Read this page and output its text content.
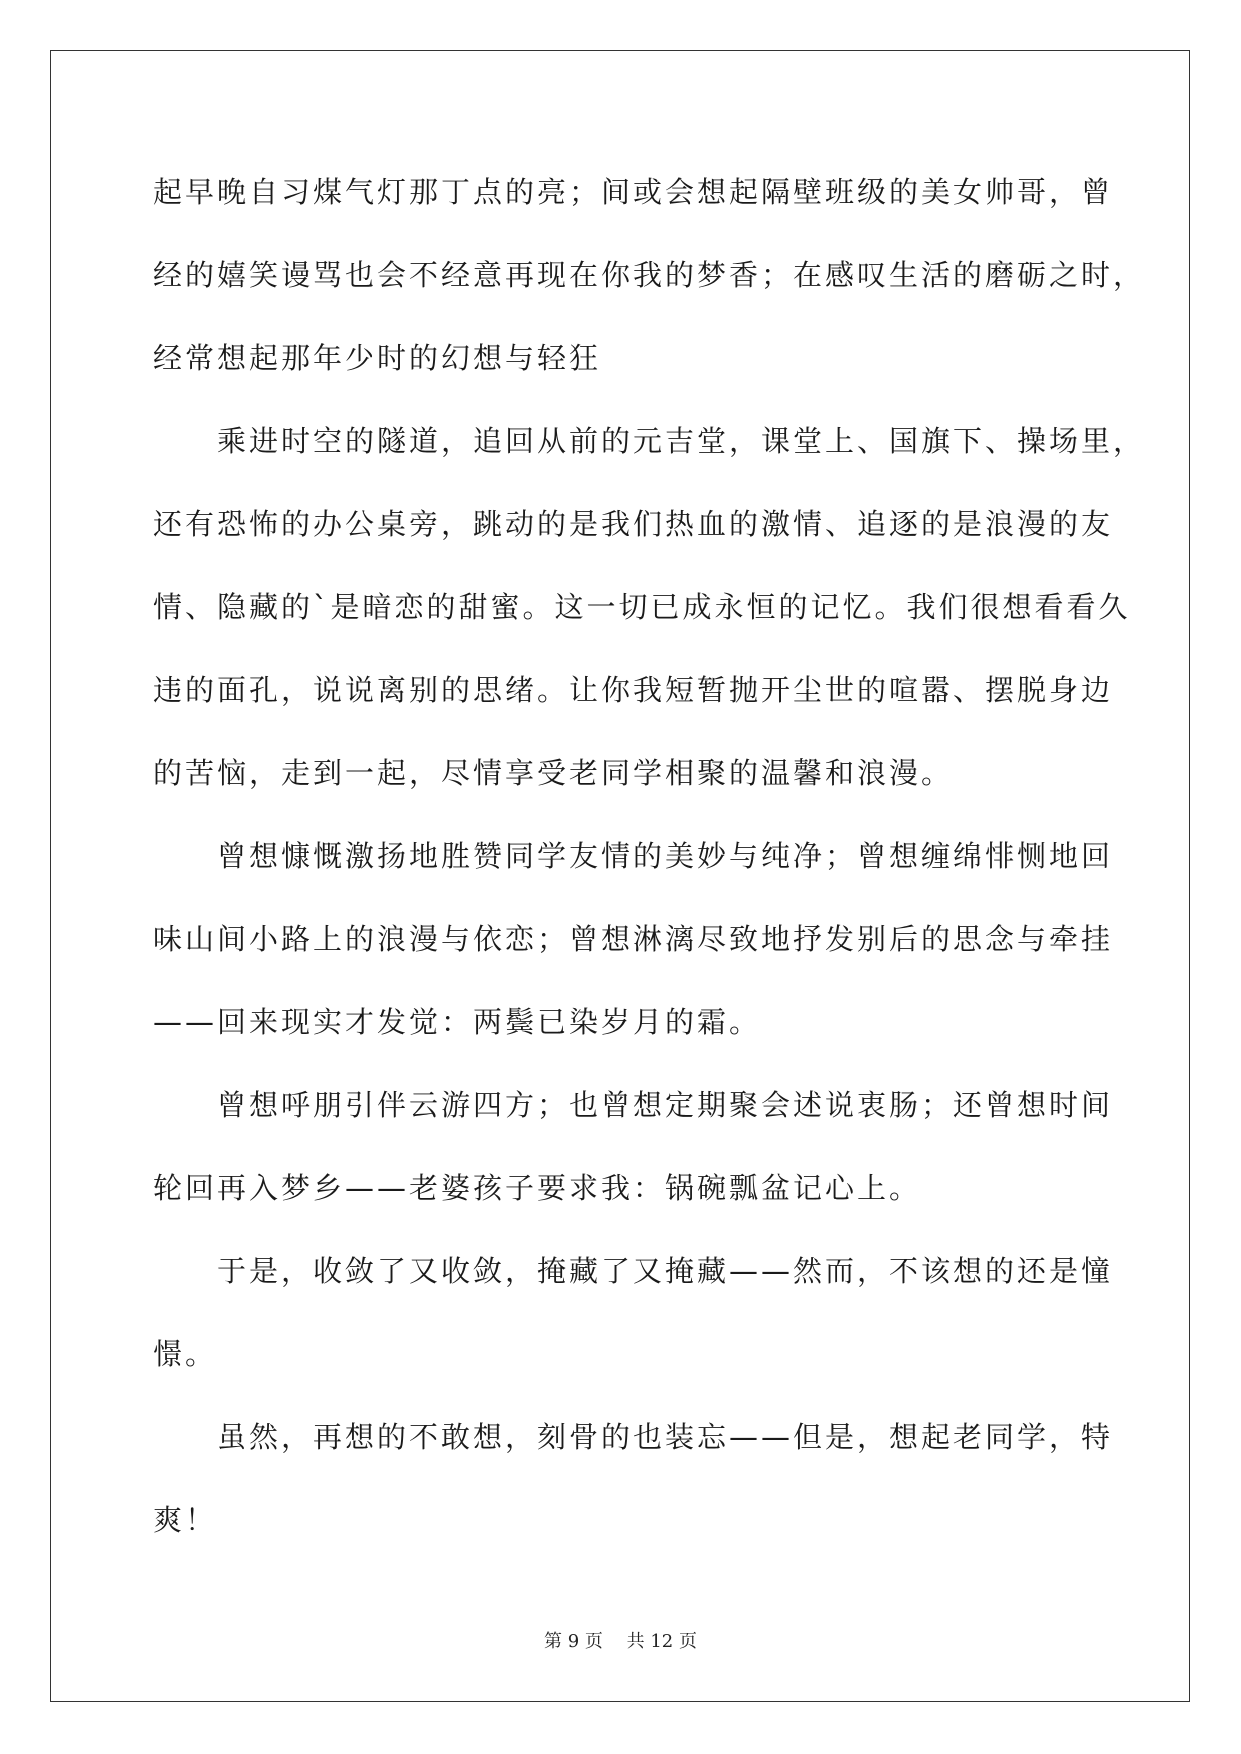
起早晚自习煤气灯那丁点的亮；间或会想起隔壁班级的美女帅哥，曾
经的嬉笑谩骂也会不经意再现在你我的梦香；在感叹生活的磨砺之时，
经常想起那年少时的幻想与轻狂
　　乘进时空的隧道，追回从前的元吉堂，课堂上、国旗下、操场里，
还有恐怖的办公桌旁，跳动的是我们热血的激情、追逐的是浪漫的友
情、隐藏的`是暗恋的甜蜜。这一切已成永恒的记忆。我们很想看看久
违的面孔，说说离别的思绪。让你我短暂抛开尘世的喧嚣、摆脱身边
的苦恼，走到一起，尽情享受老同学相聚的温馨和浪漫。
　　曾想慷慨激扬地胜赞同学友情的美妙与纯净；曾想缠绵悱恻地回
味山间小路上的浪漫与依恋；曾想淋漓尽致地抒发别后的思念与牵挂
——回来现实才发觉：两鬓已染岁月的霜。
　　曾想呼朋引伴云游四方；也曾想定期聚会述说衷肠；还曾想时间
轮回再入梦乡——老婆孩子要求我：锅碗瓢盆记心上。
　　于是，收敛了又收敛，掩藏了又掩藏——然而，不该想的还是憧
憬。
　　虽然，再想的不敢想，刻骨的也装忘——但是，想起老同学，特
爽！
第 9 页　 共 12 页
